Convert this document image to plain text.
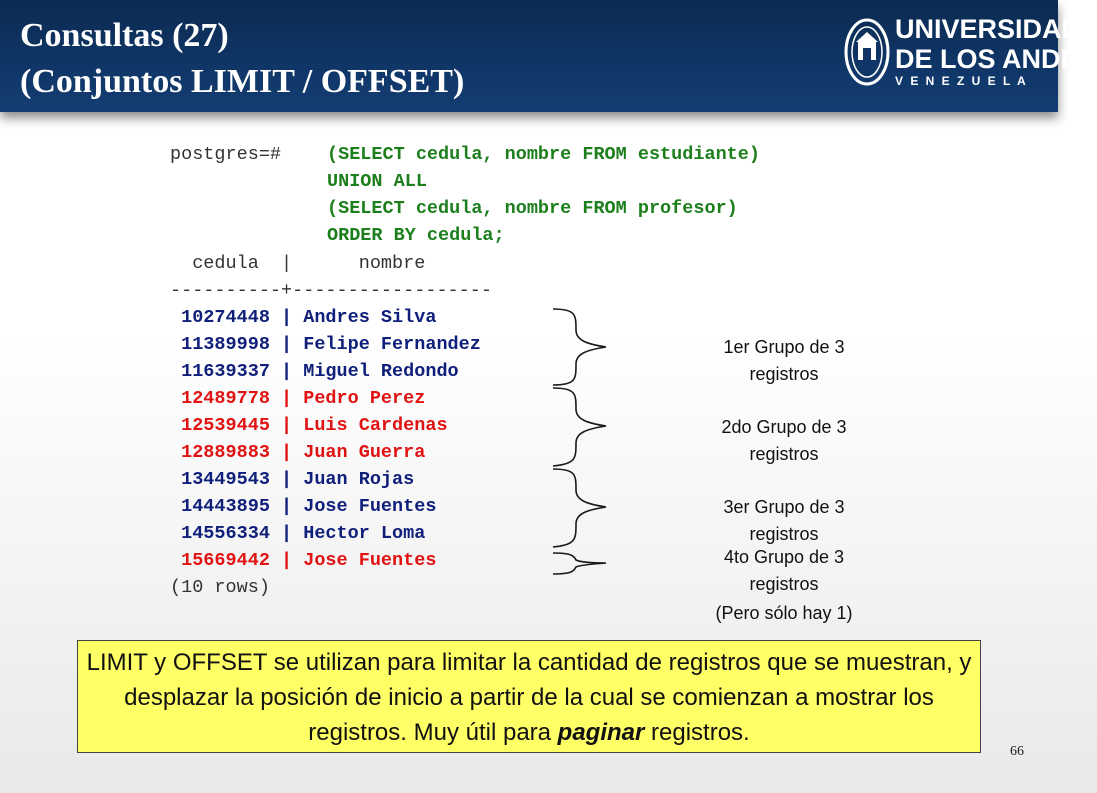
Consultas (27)
(Conjuntos LIMIT / OFFSET)
UNIVERSIDAD
DE LOS ANDES
V E N E Z U E L A
postgres=# (SELECT cedula, nombre FROM estudiante)
UNION ALL
(SELECT cedula, nombre FROM profesor)
ORDER BY cedula;
cedula  |      nombre
----------+------------------
10274448 | Andres Silva
11389998 | Felipe Fernandez
11639337 | Miguel Redondo
12489778 | Pedro Perez
12539445 | Luis Cardenas
12889883 | Juan Guerra
13449543 | Juan Rojas
14443895 | Jose Fuentes
14556334 | Hector Loma
15669442 | Jose Fuentes
(10 rows)
1er Grupo de 3
registros
2do Grupo de 3
registros
3er Grupo de 3
registros
4to Grupo de 3
registros
(Pero sólo hay 1)
LIMIT y OFFSET se utilizan para limitar la cantidad de registros que se muestran, y desplazar la posición de inicio a partir de la cual se comienzan a mostrar los registros. Muy útil para paginar registros.
66
